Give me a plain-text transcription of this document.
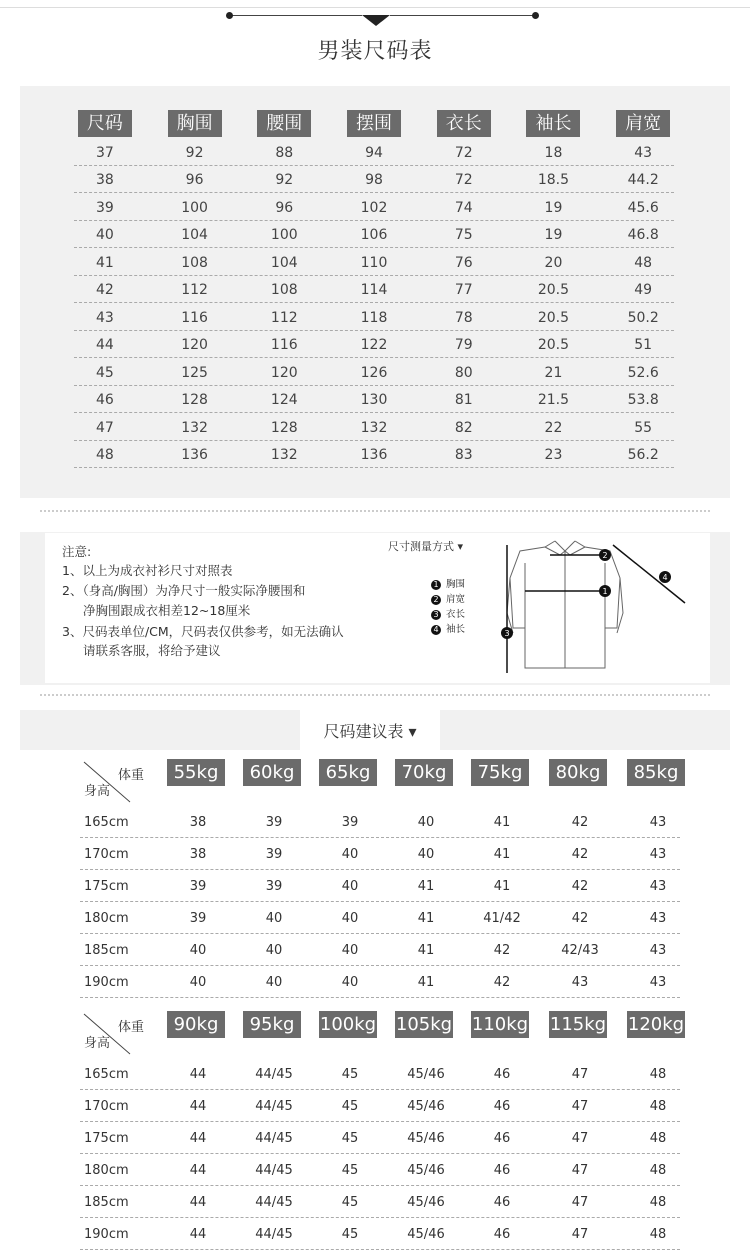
男装尺码表
尺码	胸围	腰围	摆围	衣长	袖长	肩宽
37	92	88	94	72	18	43
38	96	92	98	72	18.5	44.2
39	100	96	102	74	19	45.6
40	104	100	106	75	19	46.8
41	108	104	110	76	20	48
42	112	108	114	77	20.5	49
43	116	112	118	78	20.5	50.2
44	120	116	122	79	20.5	51
45	125	120	126	80	21	52.6
46	128	124	130	81	21.5	53.8
47	132	128	132	82	22	55
48	136	132	136	83	23	56.2
注意:
1、以上为成衣衬衫尺寸对照表
2、（身高/胸围）为净尺寸一般实际净腰围和
净胸围跟成衣相差12~18厘米
3、尺码表单位/CM，尺码表仅供参考，如无法确认
请联系客服，将给予建议
尺寸测量方式 ▾
1 胸围
2 肩宽
3 衣长
4 袖长
1
2
3
4
尺码建议表 ▾
体重
身高
55kg	60kg	65kg	70kg	75kg	80kg	85kg
165cm	38	39	39	40	41	42	43
170cm	38	39	40	40	41	42	43
175cm	39	39	40	41	41	42	43
180cm	39	40	40	41	41/42	42	43
185cm	40	40	40	41	42	42/43	43
190cm	40	40	40	41	42	43	43
体重
身高
90kg	95kg	100kg 105kg 110kg 115kg 120kg
165cm	44	44/45	45	45/46	46	47	48
170cm	44	44/45	45	45/46	46	47	48
175cm	44	44/45	45	45/46	46	47	48
180cm	44	44/45	45	45/46	46	47	48
185cm	44	44/45	45	45/46	46	47	48
190cm	44	44/45	45	45/46	46	47	48
